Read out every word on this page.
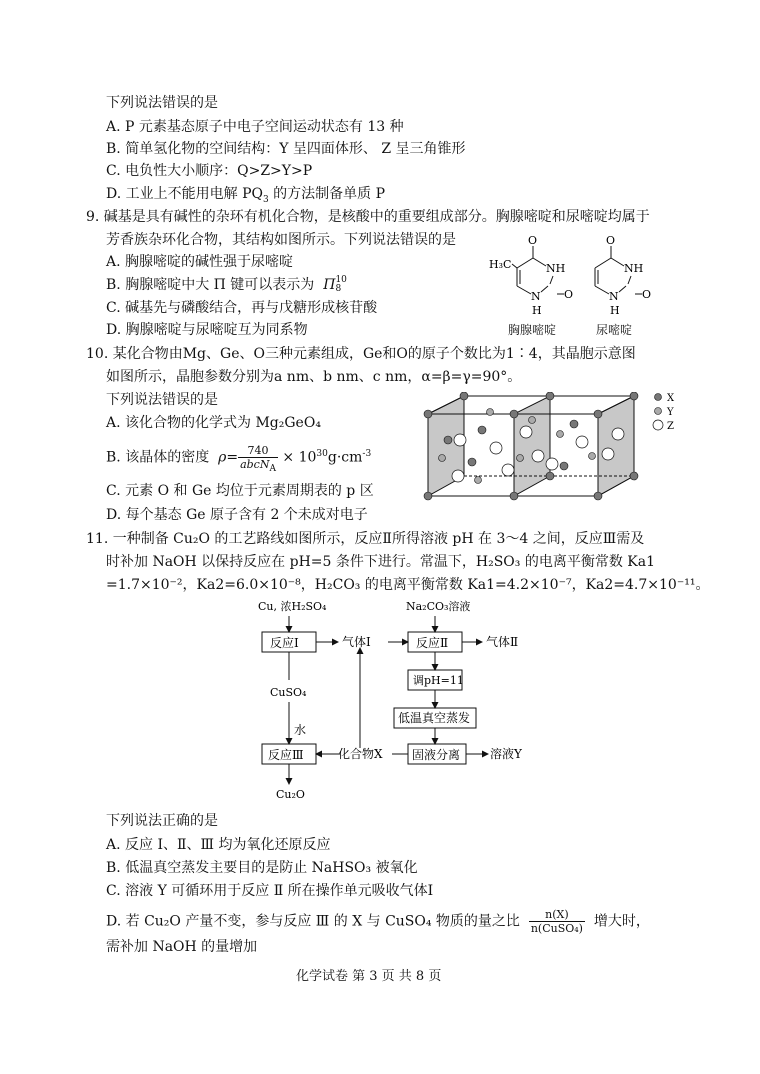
下列说法错误的是
A. P 元素基态原子中电子空间运动状态有 13 种
B. 简单氢化物的空间结构：Y 呈四面体形、 Z 呈三角锥形
C. 电负性大小顺序：Q>Z>Y>P
D. 工业上不能用电解 $PQ_3$ 的方法制备单质 P
9. 碱基是具有碱性的杂环有机化合物，是核酸中的重要组成部分。胸腺嘧啶和尿嘧啶均属于
芳香族杂环化合物，其结构如图所示。下列说法错误的是
A. 胸腺嘧啶的碱性强于尿嘧啶
B. 胸腺嘧啶中大 Π 键可以表示为 Π 10
8
C. 碱基先与磷酸结合，再与戊糖形成核苷酸
D. 胸腺嘧啶与尿嘧啶互为同系物
O
H₃C	NH
N
H
O
O
NH
N
H
O
胸腺嘧啶	尿嘧啶
10. 某化合物由Mg、Ge、O三种元素组成，Ge和O的原子个数比为1∶4，其晶胞示意图
如图所示，晶胞参数分别为a nm、b nm、c nm，α=β=γ=90°。
下列说法错误的是
A. 该化合物的化学式为 Mg₂GeO₄
B. 该晶体的密度 $\rho= \frac{740}{abcN_A} \times 10^{30}g\cdot cm^{-3}$
C. 元素 O 和 Ge 均位于元素周期表的 p 区
D. 每个基态 Ge 原子含有 2 个未成对电子
X
Y
Z
11. 一种制备 Cu₂O 的工艺路线如图所示，反应Ⅱ所得溶液 pH 在 3～4 之间，反应Ⅲ需及
时补加 NaOH 以保持反应在 pH=5 条件下进行。常温下，H₂SO₃ 的电离平衡常数 Ka1
=1.7×10⁻²，Ka2=6.0×10⁻⁸，H₂CO₃ 的电离平衡常数 Ka1=4.2×10⁻⁷，Ka2=4.7×10⁻¹¹。
Cu, 浓H₂SO₄
反应Ⅰ	气体Ⅰ
Na₂CO₃溶液
反应Ⅱ	气体Ⅱ
调pH=11
低温真空蒸发
固液分离 溶液Y
CuSO₄
水
反应Ⅲ	化合物X
Cu₂O
下列说法正确的是
A. 反应 Ⅰ、Ⅱ、Ⅲ 均为氧化还原反应
B. 低温真空蒸发主要目的是防止 NaHSO₃ 被氧化
C. 溶液 Y 可循环用于反应 Ⅱ 所在操作单元吸收气体Ⅰ
D. 若 Cu₂O 产量不变，参与反应 Ⅲ 的 X 与 CuSO₄ 物质的量之比 $\frac{n(X)}{\text{n(CuSO₄)}}$ 增大时，
需补加 NaOH 的量增加
化学试卷 第 3 页 共 8 页
